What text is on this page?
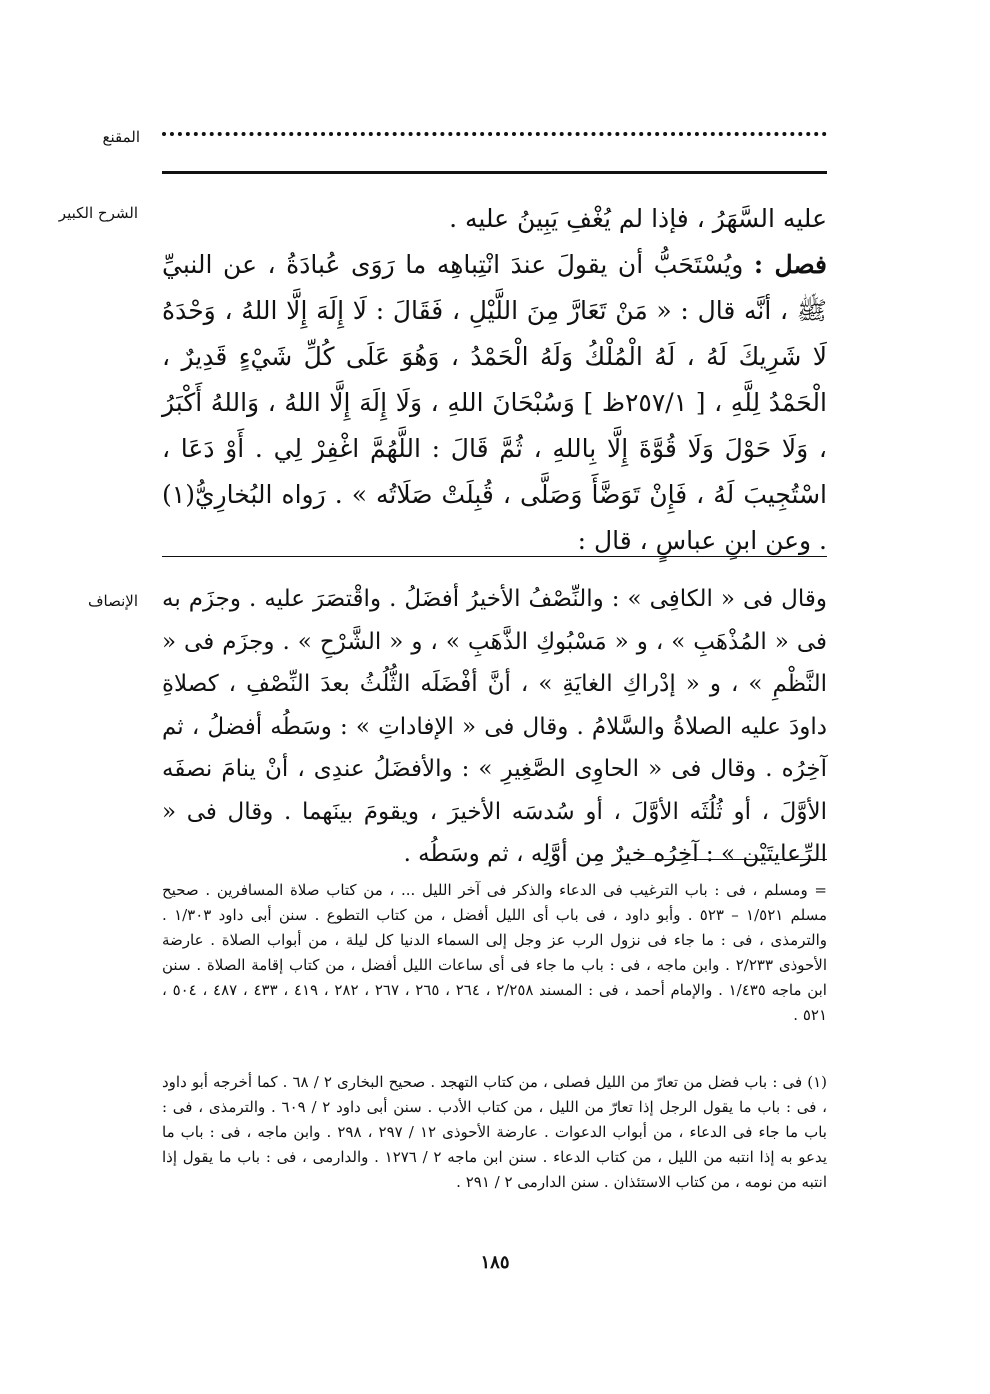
المقنع
الشرح الكبير
الإنصاف

عليه السَّهَرُ ، فإذا لم يُغْفِ يَبِينُ عليه .

فصل : ويُسْتَحَبُّ أن يقولَ عندَ انْتِباهِه ما رَوَى عُبادَةُ ، عن النبيِّ ﷺ ، أنَّه قال : « مَنْ تَعَارَّ مِنَ اللَّيْلِ ، فَقَالَ : لَا إِلَهَ إِلَّا اللهُ ، وَحْدَهُ لَا شَرِيكَ لَهُ ، لَهُ الْمُلْكُ وَلَهُ الْحَمْدُ ، وَهُوَ عَلَى كُلِّ شَيْءٍ قَدِيرٌ ، الْحَمْدُ لِلَّهِ ، [ ٢٥٧/١ظ ] وَسُبْحَانَ اللهِ ، وَلَا إِلَهَ إِلَّا اللهُ ، وَاللهُ أَكْبَرُ ، وَلَا حَوْلَ وَلَا قُوَّةَ إِلَّا بِاللهِ ، ثُمَّ قَالَ : اللَّهُمَّ اغْفِرْ لِي . أَوْ دَعَا ، اسْتُجِيبَ لَهُ ، فَإِنْ تَوَضَّأَ وَصَلَّى ، قُبِلَتْ صَلَاتُه » . رَواه البُخارِيُّ(١) . وعن ابنِ عباسٍ ، قال :

وقال فى « الكافِى » : والنِّصْفُ الأخيرُ أفضَلُ . واقْتصَرَ عليه . وجزَم به فى « المُذْهَبِ » ، و « مَسْبُوكِ الذَّهَبِ » ، و « الشَّرْحِ » . وجزَم فى « النَّظْمِ » ، و « إدْراكِ الغايَةِ » ، أنَّ أفْضَلَه الثُّلُثُ بعدَ النِّصْفِ ، كصلاةِ داودَ عليه الصلاةُ والسَّلامُ . وقال فى « الإفاداتِ » : وسَطُه أفضلُ ، ثم آخِرُه . وقال فى « الحاوِى الصَّغِيرِ » : والأفضَلُ عندِى ، أنْ ينامَ نصفَه الأوَّلَ ، أو ثُلُثَه الأوَّلَ ، أو سُدسَه الأخيرَ ، ويقومَ بينَهما . وقال فى « الرِّعايتَيْن » : آخِرُه خيرٌ مِن أوَّلِه ، ثم وسَطُه .

= ومسلم ، فى : باب الترغيب فى الدعاء والذكر فى آخر الليل ... ، من كتاب صلاة المسافرين . صحيح مسلم ١/٥٢١ – ٥٢٣ . وأبو داود ، فى باب أى الليل أفضل ، من كتاب التطوع . سنن أبى داود ١/٣٠٣ . والترمذى ، فى : ما جاء فى نزول الرب عز وجل إلى السماء الدنيا كل ليلة ، من أبواب الصلاة . عارضة الأحوذى ٢/٢٣٣ . وابن ماجه ، فى : باب ما جاء فى أى ساعات الليل أفضل ، من كتاب إقامة الصلاة . سنن ابن ماجه ١/٤٣٥ . والإمام أحمد ، فى : المسند ٢/٢٥٨ ، ٢٦٤ ، ٢٦٥ ، ٢٦٧ ، ٢٨٢ ، ٤١٩ ، ٤٣٣ ، ٤٨٧ ، ٥٠٤ ، ٥٢١ .

(١) فى : باب فضل من تعارّ من الليل فصلى ، من كتاب التهجد . صحيح البخارى ٢ / ٦٨ . كما أخرجه أبو داود ، فى : باب ما يقول الرجل إذا تعارّ من الليل ، من كتاب الأدب . سنن أبى داود ٢ / ٦٠٩ . والترمذى ، فى : باب ما جاء فى الدعاء ، من أبواب الدعوات . عارضة الأحوذى ١٢ / ٢٩٧ ، ٢٩٨ . وابن ماجه ، فى : باب ما يدعو به إذا انتبه من الليل ، من كتاب الدعاء . سنن ابن ماجه ٢ / ١٢٧٦ . والدارمى ، فى : باب ما يقول إذا انتبه من نومه ، من كتاب الاستئذان . سنن الدارمى ٢ / ٢٩١ .

١٨٥
